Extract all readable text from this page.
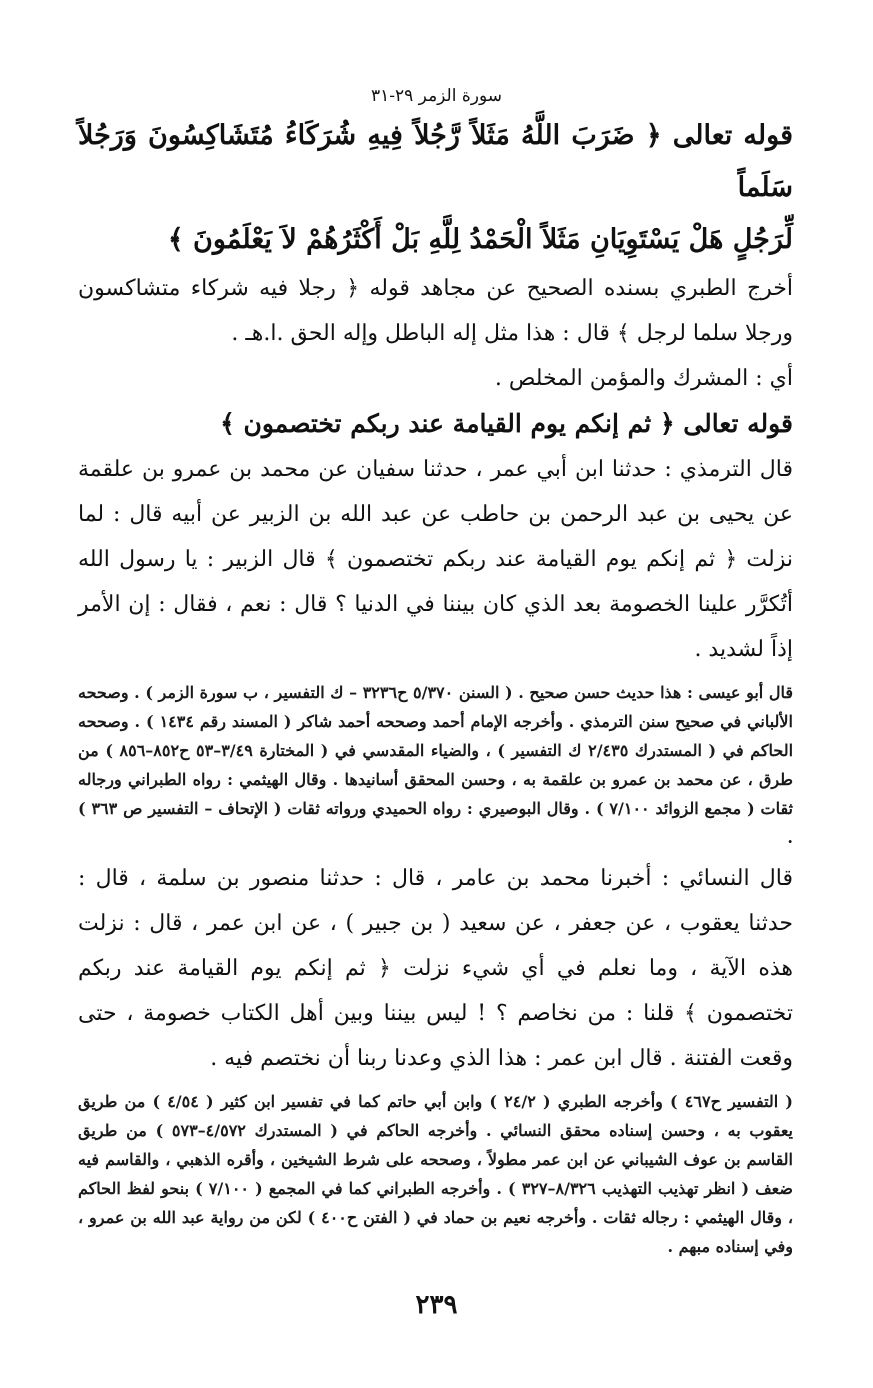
سورة الزمر ٢٩-٣١
قوله تعالى ﴿ ضَرَبَ اللَّهُ مَثَلاً رَّجُلاً فِيهِ شُرَكَاءُ مُتَشَاكِسُونَ وَرَجُلاً سَلَماً
لِّرَجُلٍ هَلْ يَسْتَوِيَانِ مَثَلاً الْحَمْدُ لِلَّهِ بَلْ أَكْثَرُهُمْ لاَ يَعْلَمُونَ ﴾

أخرج الطبري بسنده الصحيح عن مجاهد قوله ﴿ رجلا فيه شركاء متشاكسون ورجلا سلما لرجل ﴾ قال : هذا مثل إله الباطل وإله الحق .ا.هـ .

أي : المشرك والمؤمن المخلص .

قوله تعالى ﴿ ثم إنكم يوم القيامة عند ربكم تختصمون ﴾

قال الترمذي : حدثنا ابن أبي عمر ، حدثنا سفيان عن محمد بن عمرو بن علقمة عن يحيى بن عبد الرحمن بن حاطب عن عبد الله بن الزبير عن أبيه قال : لما نزلت ﴿ ثم إنكم يوم القيامة عند ربكم تختصمون ﴾ قال الزبير : يا رسول الله أتُكرَّر علينا الخصومة بعد الذي كان بيننا في الدنيا ؟ قال : نعم ، فقال : إن الأمر إذاً لشديد .

قال أبو عيسى : هذا حديث حسن صحيح . ( السنن ٥/٣٧٠ ح٣٢٣٦ – ك التفسير ، ب سورة الزمر ) . وصححه الألباني في صحيح سنن الترمذي . وأخرجه الإمام أحمد وصححه أحمد شاكر ( المسند رقم ١٤٣٤ ) . وصححه الحاكم في ( المستدرك ٢/٤٣٥ ك التفسير ) ، والضياء المقدسي في ( المختارة ٣/٤٩–٥٣ ح٨٥٢–٨٥٦ ) من طرق ، عن محمد بن عمرو بن علقمة به ، وحسن المحقق أسانيدها . وقال الهيثمي : رواه الطبراني ورجاله ثقات ( مجمع الزوائد ٧/١٠٠ ) . وقال البوصيري : رواه الحميدي ورواته ثقات ( الإتحاف – التفسير ص ٣٦٣ ) .

قال النسائي : أخبرنا محمد بن عامر ، قال : حدثنا منصور بن سلمة ، قال : حدثنا يعقوب ، عن جعفر ، عن سعيد ( بن جبير ) ، عن ابن عمر ، قال : نزلت هذه الآية ، وما نعلم في أي شيء نزلت ﴿ ثم إنكم يوم القيامة عند ربكم تختصمون ﴾ قلنا : من نخاصم ؟ ! ليس بيننا وبين أهل الكتاب خصومة ، حتى وقعت الفتنة . قال ابن عمر : هذا الذي وعدنا ربنا أن نختصم فيه .

( التفسير ح٤٦٧ ) وأخرجه الطبري ( ٢٤/٢ ) وابن أبي حاتم كما في تفسير ابن كثير ( ٤/٥٤ ) من طريق يعقوب به ، وحسن إسناده محقق النسائي . وأخرجه الحاكم في ( المستدرك ٤/٥٧٢–٥٧٣ ) من طريق القاسم بن عوف الشيباني عن ابن عمر مطولاً ، وصححه على شرط الشيخين ، وأقره الذهبي ، والقاسم فيه ضعف ( انظر تهذيب التهذيب ٨/٣٢٦–٣٢٧ ) . وأخرجه الطبراني كما في المجمع ( ٧/١٠٠ ) بنحو لفظ الحاكم ، وقال الهيثمي : رجاله ثقات . وأخرجه نعيم بن حماد في ( الفتن ح٤٠٠ ) لكن من رواية عبد الله بن عمرو ، وفي إسناده مبهم .

٢٣٩
